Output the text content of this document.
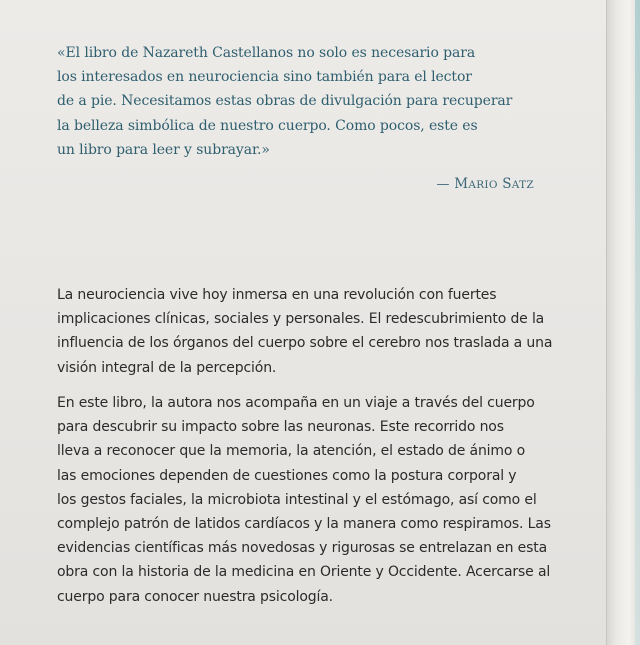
«El libro de Nazareth Castellanos no solo es necesario para
los interesados en neurociencia sino también para el lector
de a pie. Necesitamos estas obras de divulgación para recuperar
la belleza simbólica de nuestro cuerpo. Como pocos, este es
un libro para leer y subrayar.»

— MARIO SATZ

La neurociencia vive hoy inmersa en una revolución con fuertes
implicaciones clínicas, sociales y personales. El redescubrimiento de la
influencia de los órganos del cuerpo sobre el cerebro nos traslada a una
visión integral de la percepción.

En este libro, la autora nos acompaña en un viaje a través del cuerpo
para descubrir su impacto sobre las neuronas. Este recorrido nos
lleva a reconocer que la memoria, la atención, el estado de ánimo o
las emociones dependen de cuestiones como la postura corporal y
los gestos faciales, la microbiota intestinal y el estómago, así como el
complejo patrón de latidos cardíacos y la manera como respiramos. Las
evidencias científicas más novedosas y rigurosas se entrelazan en esta
obra con la historia de la medicina en Oriente y Occidente. Acercarse al
cuerpo para conocer nuestra psicología.
